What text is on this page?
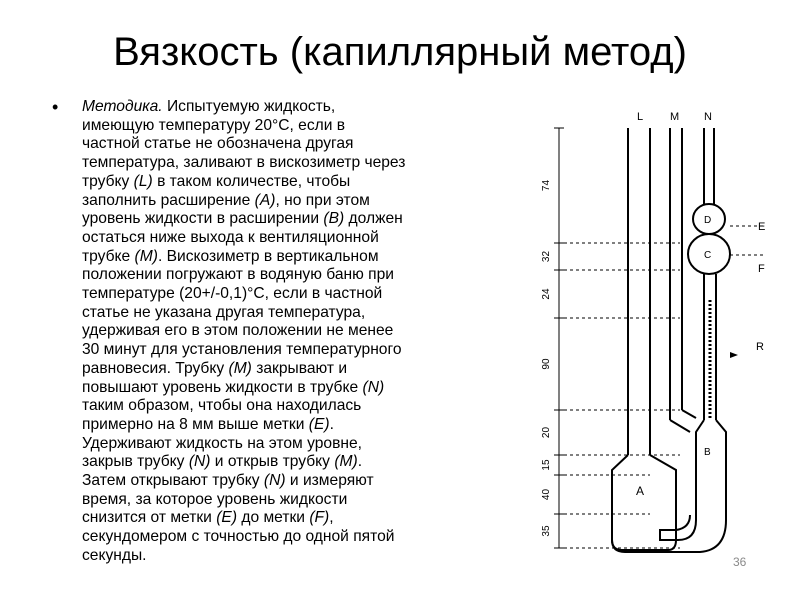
Вязкость (капиллярный метод)
• Методика. Испытуемую жидкость,
имеющую температуру 20°С, если в
частной статье не обозначена другая
температура, заливают в вискозиметр через
трубку (L) в таком количестве, чтобы
заполнить расширение (А), но при этом
уровень жидкости в расширении (В) должен
остаться ниже выхода к вентиляционной
трубке (М). Вискозиметр в вертикальном
положении погружают в водяную баню при
температуре (20+/-0,1)°С, если в частной
статье не указана другая температура,
удерживая его в этом положении не менее
30 минут для установления температурного
равновесия. Трубку (М) закрывают и
повышают уровень жидкости в трубке (N)
таким образом, чтобы она находилась
примерно на 8 мм выше метки (Е).
Удерживают жидкость на этом уровне,
закрыв трубку (N) и открыв трубку (М).
Затем открывают трубку (N) и измеряют
время, за которое уровень жидкости
снизится от метки (Е) до метки (F),
секундомером с точностью до одной пятой
секунды.
L M N
E
F
R
D
C
B
A
74
32
24
90
20
15
40
35
36
